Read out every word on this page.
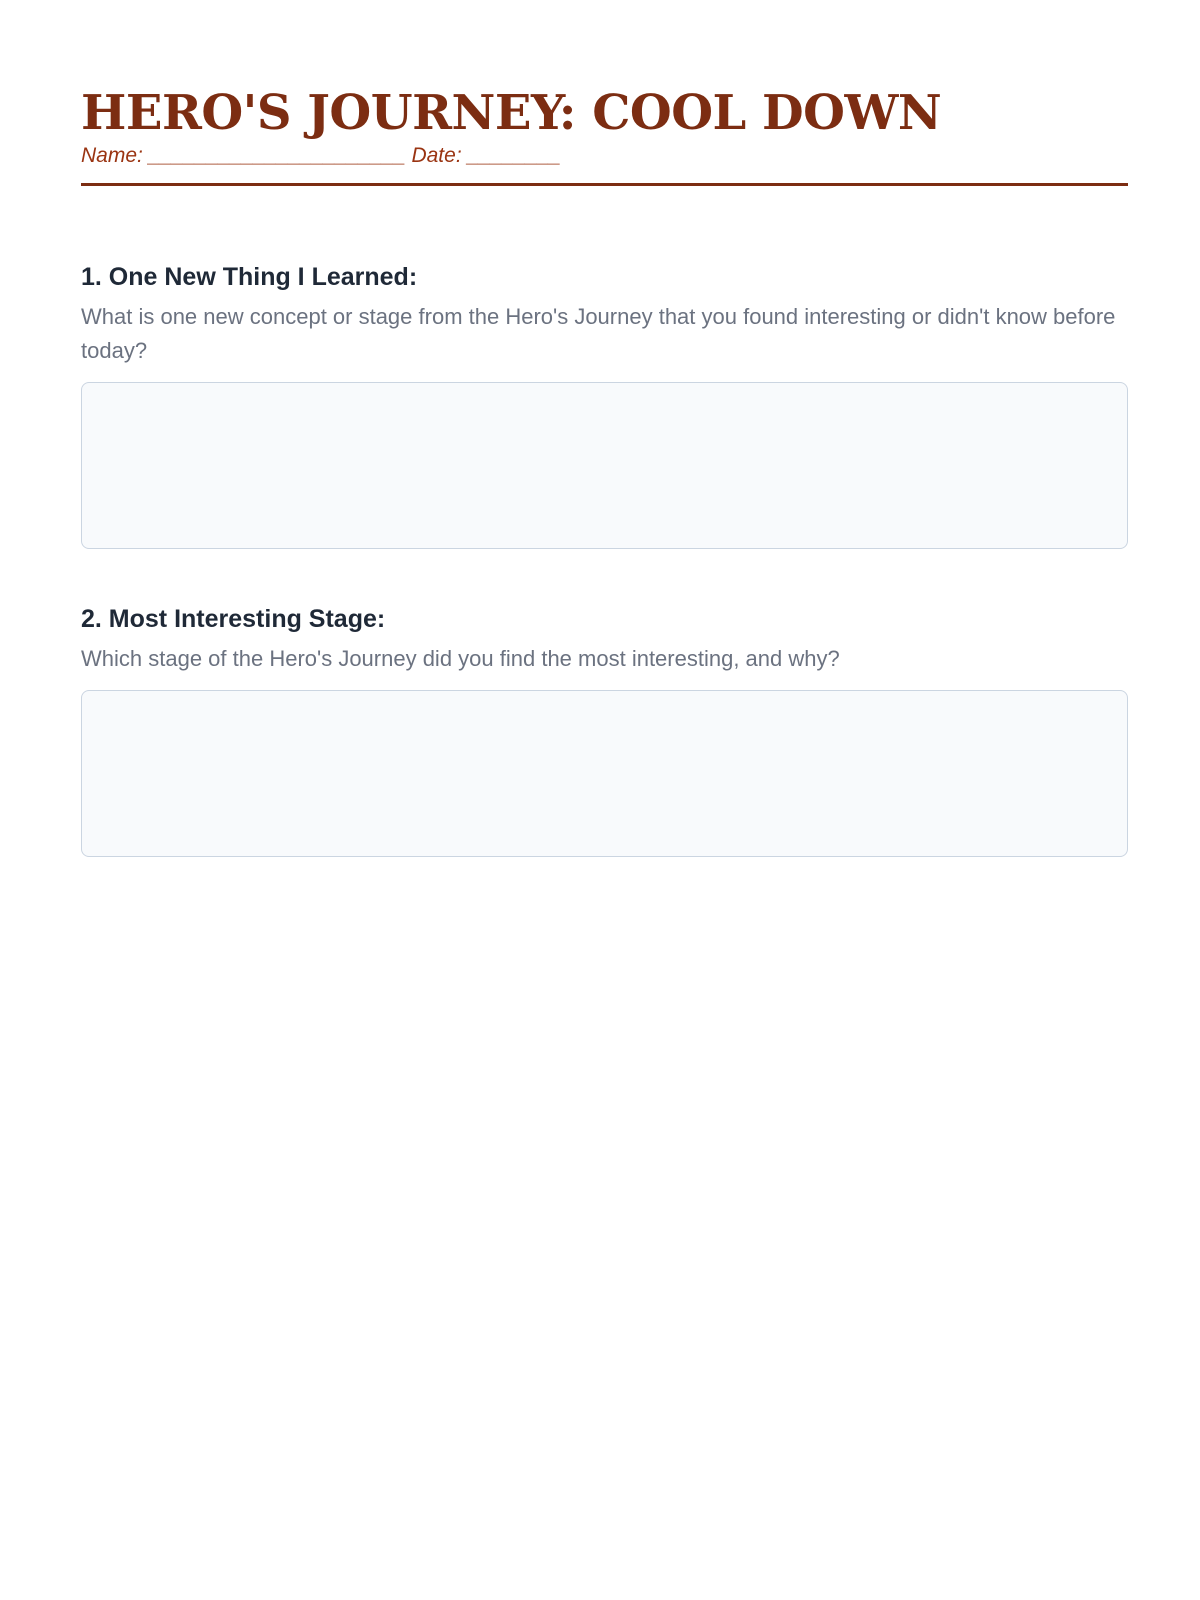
HERO'S JOURNEY: COOL DOWN
Name: ______________________ Date: ________
1. One New Thing I Learned:

What is one new concept or stage from the Hero's Journey that you found interesting or didn't know before today?

2. Most Interesting Stage:

Which stage of the Hero's Journey did you find the most interesting, and why?
